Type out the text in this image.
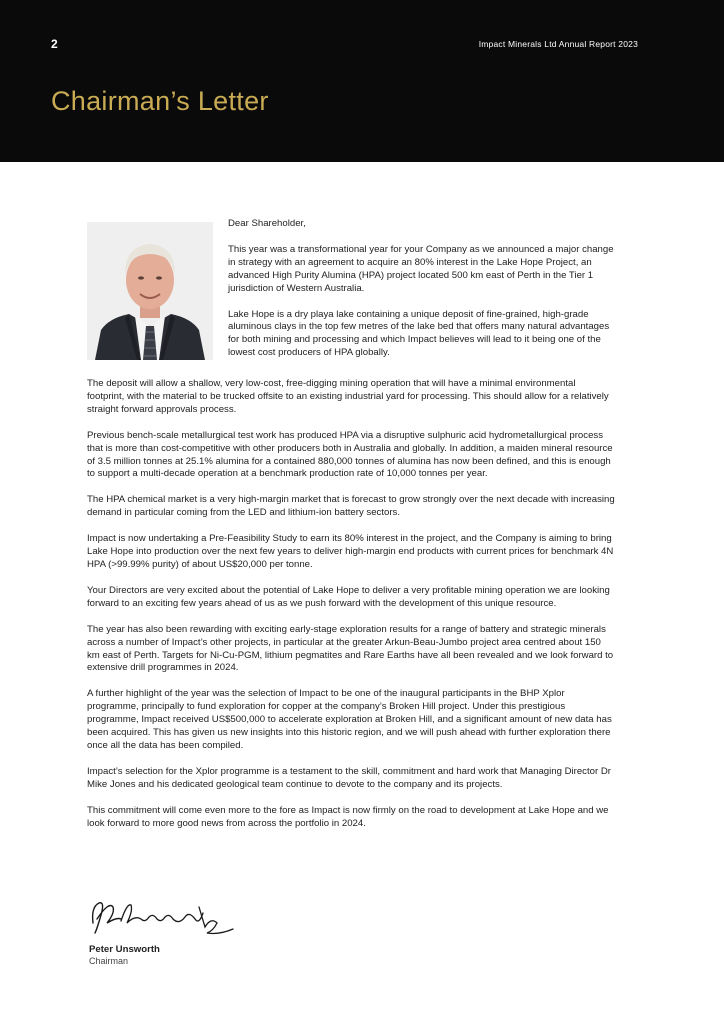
2	Impact Minerals Ltd Annual Report 2023
Chairman’s Letter

Dear Shareholder,

This year was a transformational year for your Company as we announced a major change in strategy with an agreement to acquire an 80% interest in the Lake Hope Project, an advanced High Purity Alumina (HPA) project located 500 km east of Perth in the Tier 1 jurisdiction of Western Australia.

Lake Hope is a dry playa lake containing a unique deposit of fine-grained, high-grade aluminous clays in the top few metres of the lake bed that offers many natural advantages for both mining and processing and which Impact believes will lead to it being one of the lowest cost producers of HPA globally.

The deposit will allow a shallow, very low-cost, free-digging mining operation that will have a minimal environmental footprint, with the material to be trucked offsite to an existing industrial yard for processing. This should allow for a relatively straight forward approvals process.

Previous bench-scale metallurgical test work has produced HPA via a disruptive sulphuric acid hydrometallurgical process that is more than cost-competitive with other producers both in Australia and globally. In addition, a maiden mineral resource of 3.5 million tonnes at 25.1% alumina for a contained 880,000 tonnes of alumina has now been defined, and this is enough to support a multi-decade operation at a benchmark production rate of 10,000 tonnes per year.

The HPA chemical market is a very high-margin market that is forecast to grow strongly over the next decade with increasing demand in particular coming from the LED and lithium-ion battery sectors.

Impact is now undertaking a Pre-Feasibility Study to earn its 80% interest in the project, and the Company is aiming to bring Lake Hope into production over the next few years to deliver high-margin end products with current prices for benchmark 4N HPA (>99.99% purity) of about US$20,000 per tonne.

Your Directors are very excited about the potential of Lake Hope to deliver a very profitable mining operation we are looking forward to an exciting few years ahead of us as we push forward with the development of this unique resource.

The year has also been rewarding with exciting early-stage exploration results for a range of battery and strategic minerals across a number of Impact’s other projects, in particular at the greater Arkun-Beau-Jumbo project area centred about 150 km east of Perth. Targets for Ni-Cu-PGM, lithium pegmatites and Rare Earths have all been revealed and we look forward to extensive drill programmes in 2024.

A further highlight of the year was the selection of Impact to be one of the inaugural participants in the BHP Xplor programme, principally to fund exploration for copper at the company’s Broken Hill project. Under this prestigious programme, Impact received US$500,000 to accelerate exploration at Broken Hill, and a significant amount of new data has been acquired. This has given us new insights into this historic region, and we will push ahead with further exploration there once all the data has been compiled.

Impact’s selection for the Xplor programme is a testament to the skill, commitment and hard work that Managing Director Dr Mike Jones and his dedicated geological team continue to devote to the company and its projects.

This commitment will come even more to the fore as Impact is now firmly on the road to development at Lake Hope and we look forward to more good news from across the portfolio in 2024.

Peter Unsworth
Chairman
